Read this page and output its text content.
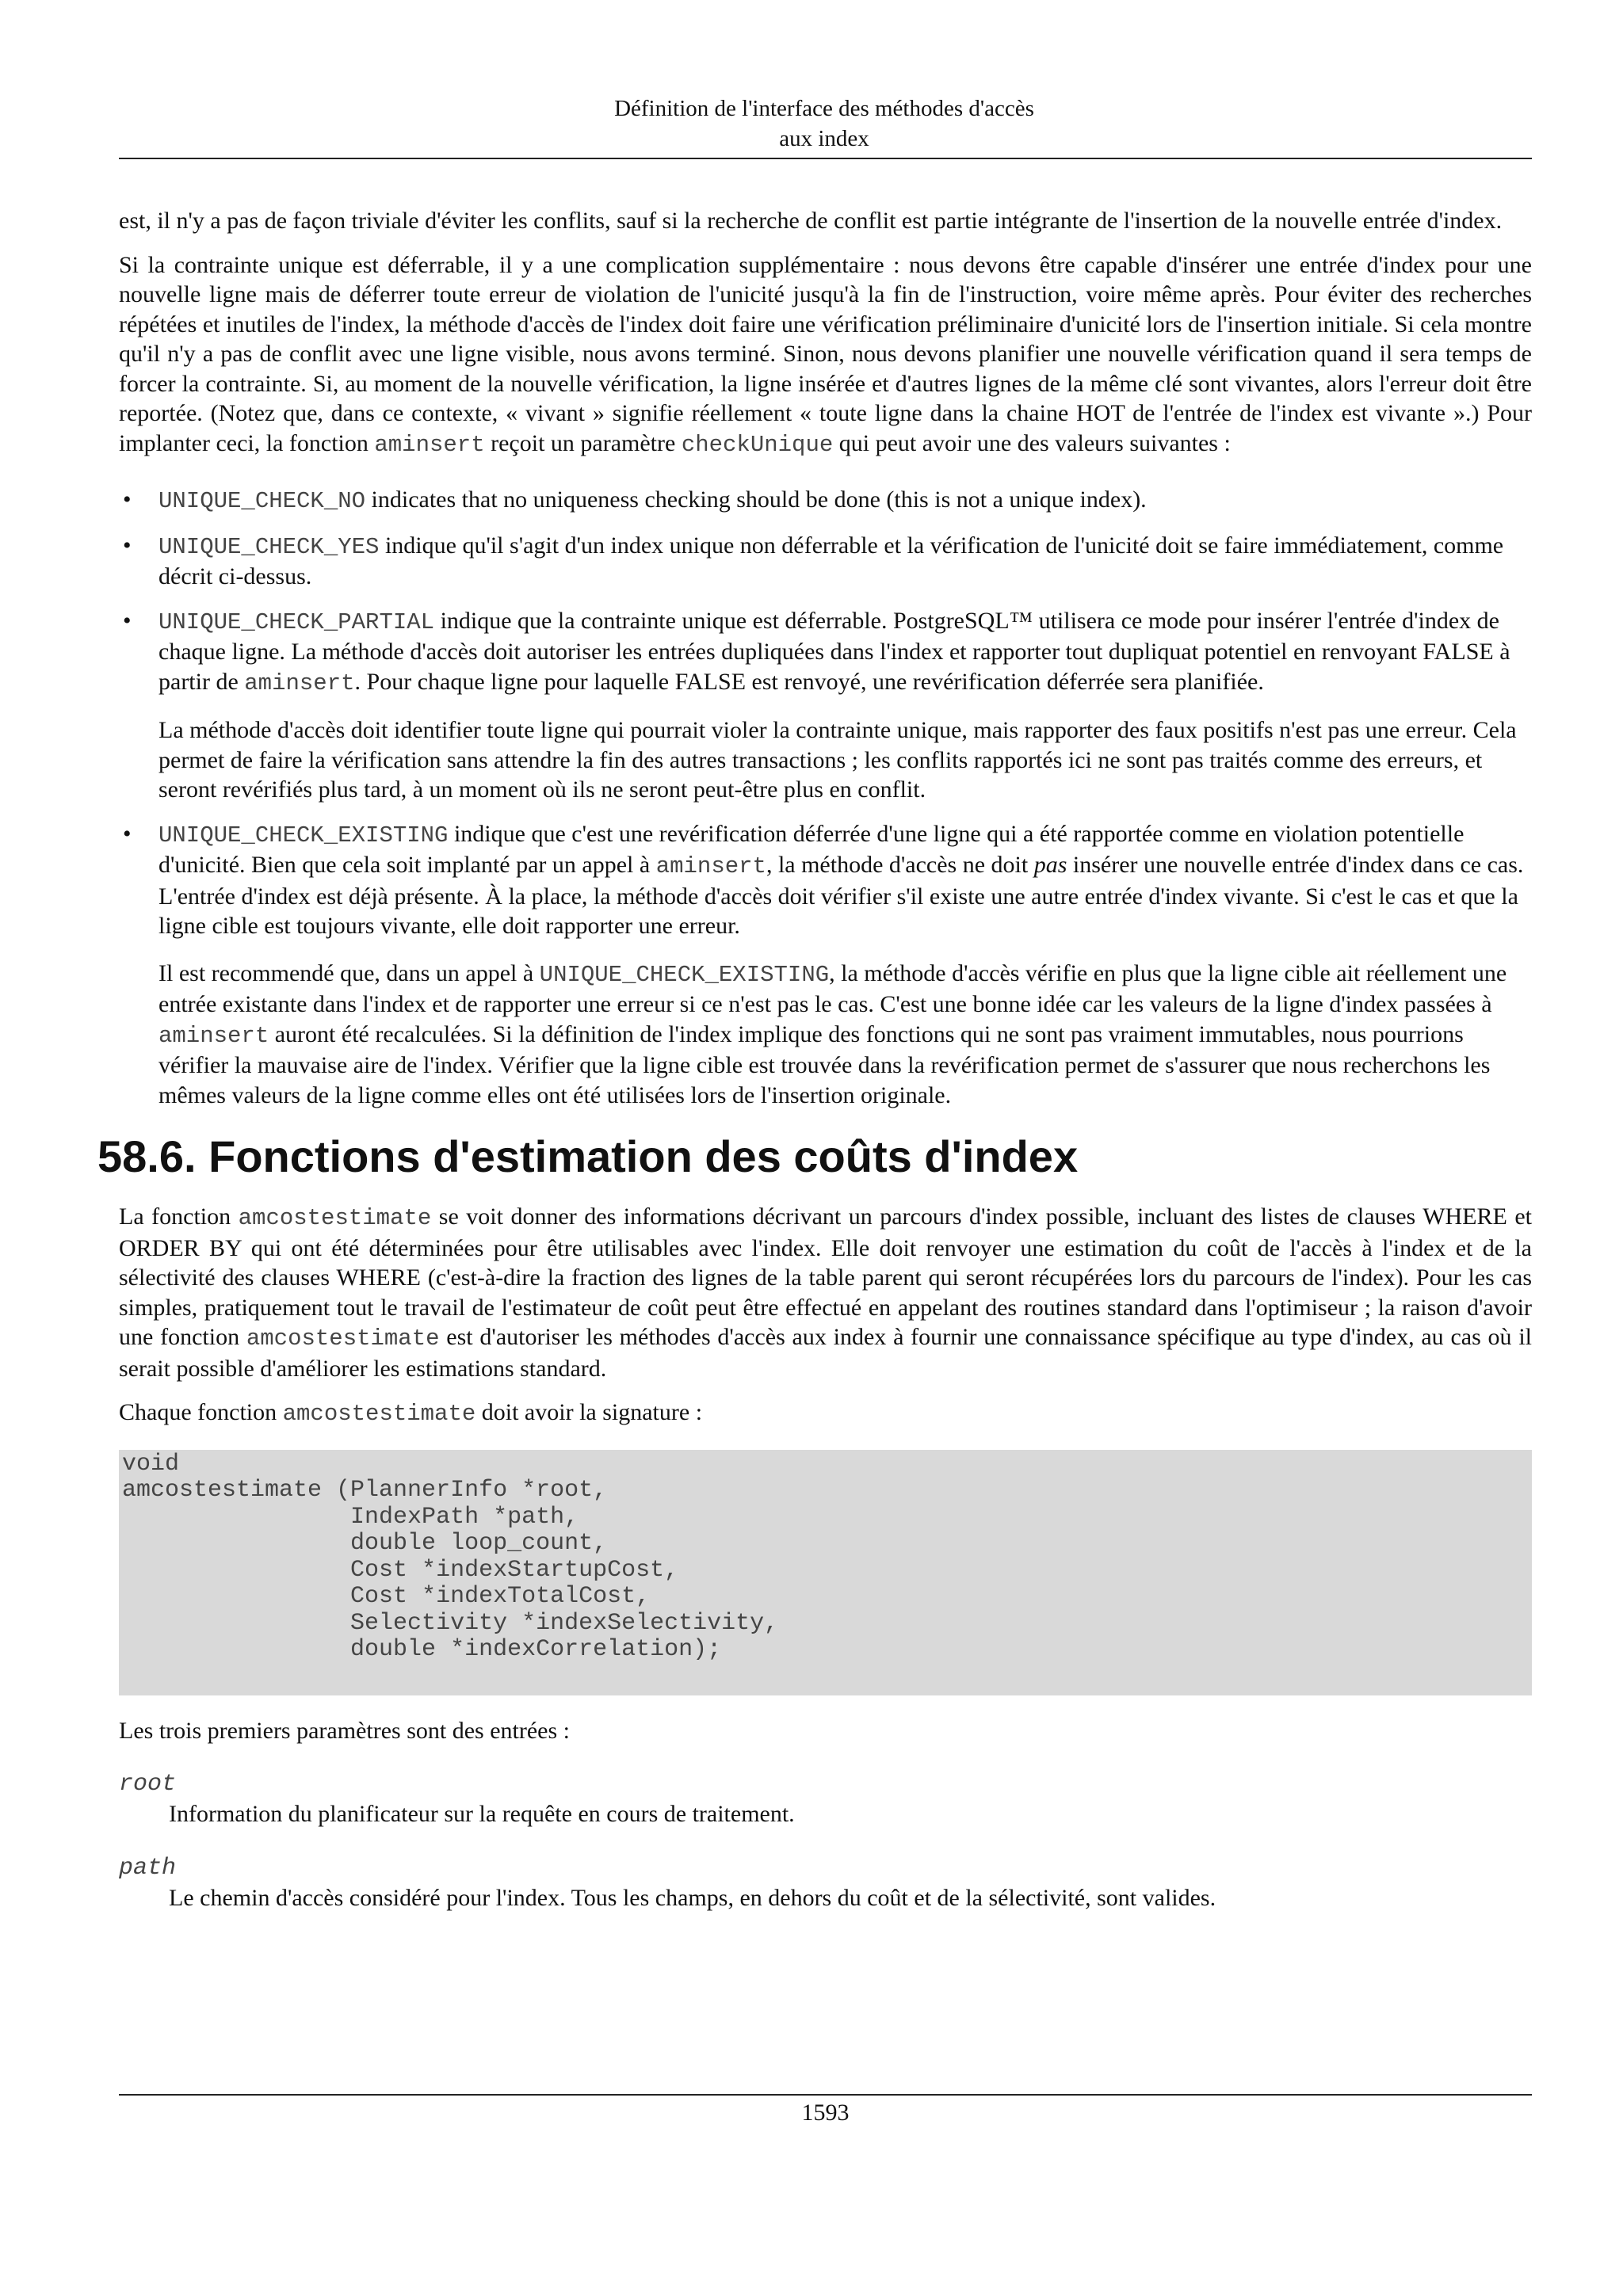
Définition de l'interface des méthodes d'accès
aux index

est, il n'y a pas de façon triviale d'éviter les conflits, sauf si la recherche de conflit est partie intégrante de l'insertion de la nouvelle entrée d'index.

Si la contrainte unique est déferrable, il y a une complication supplémentaire : nous devons être capable d'insérer une entrée d'index pour une nouvelle ligne mais de déferrer toute erreur de violation de l'unicité jusqu'à la fin de l'instruction, voire même après. Pour éviter des recherches répétées et inutiles de l'index, la méthode d'accès de l'index doit faire une vérification préliminaire d'unicité lors de l'insertion initiale. Si cela montre qu'il n'y a pas de conflit avec une ligne visible, nous avons terminé. Sinon, nous devons planifier une nouvelle vérification quand il sera temps de forcer la contrainte. Si, au moment de la nouvelle vérification, la ligne insérée et d'autres lignes de la même clé sont vivantes, alors l'erreur doit être reportée. (Notez que, dans ce contexte, « vivant » signifie réellement « toute ligne dans la chaine HOT de l'entrée de l'index est vivante ».) Pour implanter ceci, la fonction aminsert reçoit un paramètre checkUnique qui peut avoir une des valeurs suivantes :

• UNIQUE_CHECK_NO indicates that no uniqueness checking should be done (this is not a unique index).

• UNIQUE_CHECK_YES indique qu'il s'agit d'un index unique non déferrable et la vérification de l'unicité doit se faire immédiatement, comme décrit ci-dessus.

• UNIQUE_CHECK_PARTIAL indique que la contrainte unique est déferrable. PostgreSQL™ utilisera ce mode pour insérer l'entrée d'index de chaque ligne. La méthode d'accès doit autoriser les entrées dupliquées dans l'index et rapporter tout dupliquat potentiel en renvoyant FALSE à partir de aminsert. Pour chaque ligne pour laquelle FALSE est renvoyé, une revérification déferrée sera planifiée.

La méthode d'accès doit identifier toute ligne qui pourrait violer la contrainte unique, mais rapporter des faux positifs n'est pas une erreur. Cela permet de faire la vérification sans attendre la fin des autres transactions ; les conflits rapportés ici ne sont pas traités comme des erreurs, et seront revérifiés plus tard, à un moment où ils ne seront peut-être plus en conflit.

• UNIQUE_CHECK_EXISTING indique que c'est une revérification déferrée d'une ligne qui a été rapportée comme en violation potentielle d'unicité. Bien que cela soit implanté par un appel à aminsert, la méthode d'accès ne doit pas insérer une nouvelle entrée d'index dans ce cas. L'entrée d'index est déjà présente. À la place, la méthode d'accès doit vérifier s'il existe une autre entrée d'index vivante. Si c'est le cas et que la ligne cible est toujours vivante, elle doit rapporter une erreur.

Il est recommendé que, dans un appel à UNIQUE_CHECK_EXISTING, la méthode d'accès vérifie en plus que la ligne cible ait réellement une entrée existante dans l'index et de rapporter une erreur si ce n'est pas le cas. C'est une bonne idée car les valeurs de la ligne d'index passées à aminsert auront été recalculées. Si la définition de l'index implique des fonctions qui ne sont pas vraiment immutables, nous pourrions vérifier la mauvaise aire de l'index. Vérifier que la ligne cible est trouvée dans la revérification permet de s'assurer que nous recherchons les mêmes valeurs de la ligne comme elles ont été utilisées lors de l'insertion originale.

58.6. Fonctions d'estimation des coûts d'index

La fonction amcostestimate se voit donner des informations décrivant un parcours d'index possible, incluant des listes de clauses WHERE et ORDER BY qui ont été déterminées pour être utilisables avec l'index. Elle doit renvoyer une estimation du coût de l'accès à l'index et de la sélectivité des clauses WHERE (c'est-à-dire la fraction des lignes de la table parent qui seront récupérées lors du parcours de l'index). Pour les cas simples, pratiquement tout le travail de l'estimateur de coût peut être effectué en appelant des routines standard dans l'optimiseur ; la raison d'avoir une fonction amcostestimate est d'autoriser les méthodes d'accès aux index à fournir une connaissance spécifique au type d'index, au cas où il serait possible d'améliorer les estimations standard.

Chaque fonction amcostestimate doit avoir la signature :

void
amcostestimate (PlannerInfo *root,
IndexPath *path,
double loop_count,
Cost *indexStartupCost,
Cost *indexTotalCost,
Selectivity *indexSelectivity,
double *indexCorrelation);

Les trois premiers paramètres sont des entrées :

root
Information du planificateur sur la requête en cours de traitement.
path
Le chemin d'accès considéré pour l'index. Tous les champs, en dehors du coût et de la sélectivité, sont valides.
1593
